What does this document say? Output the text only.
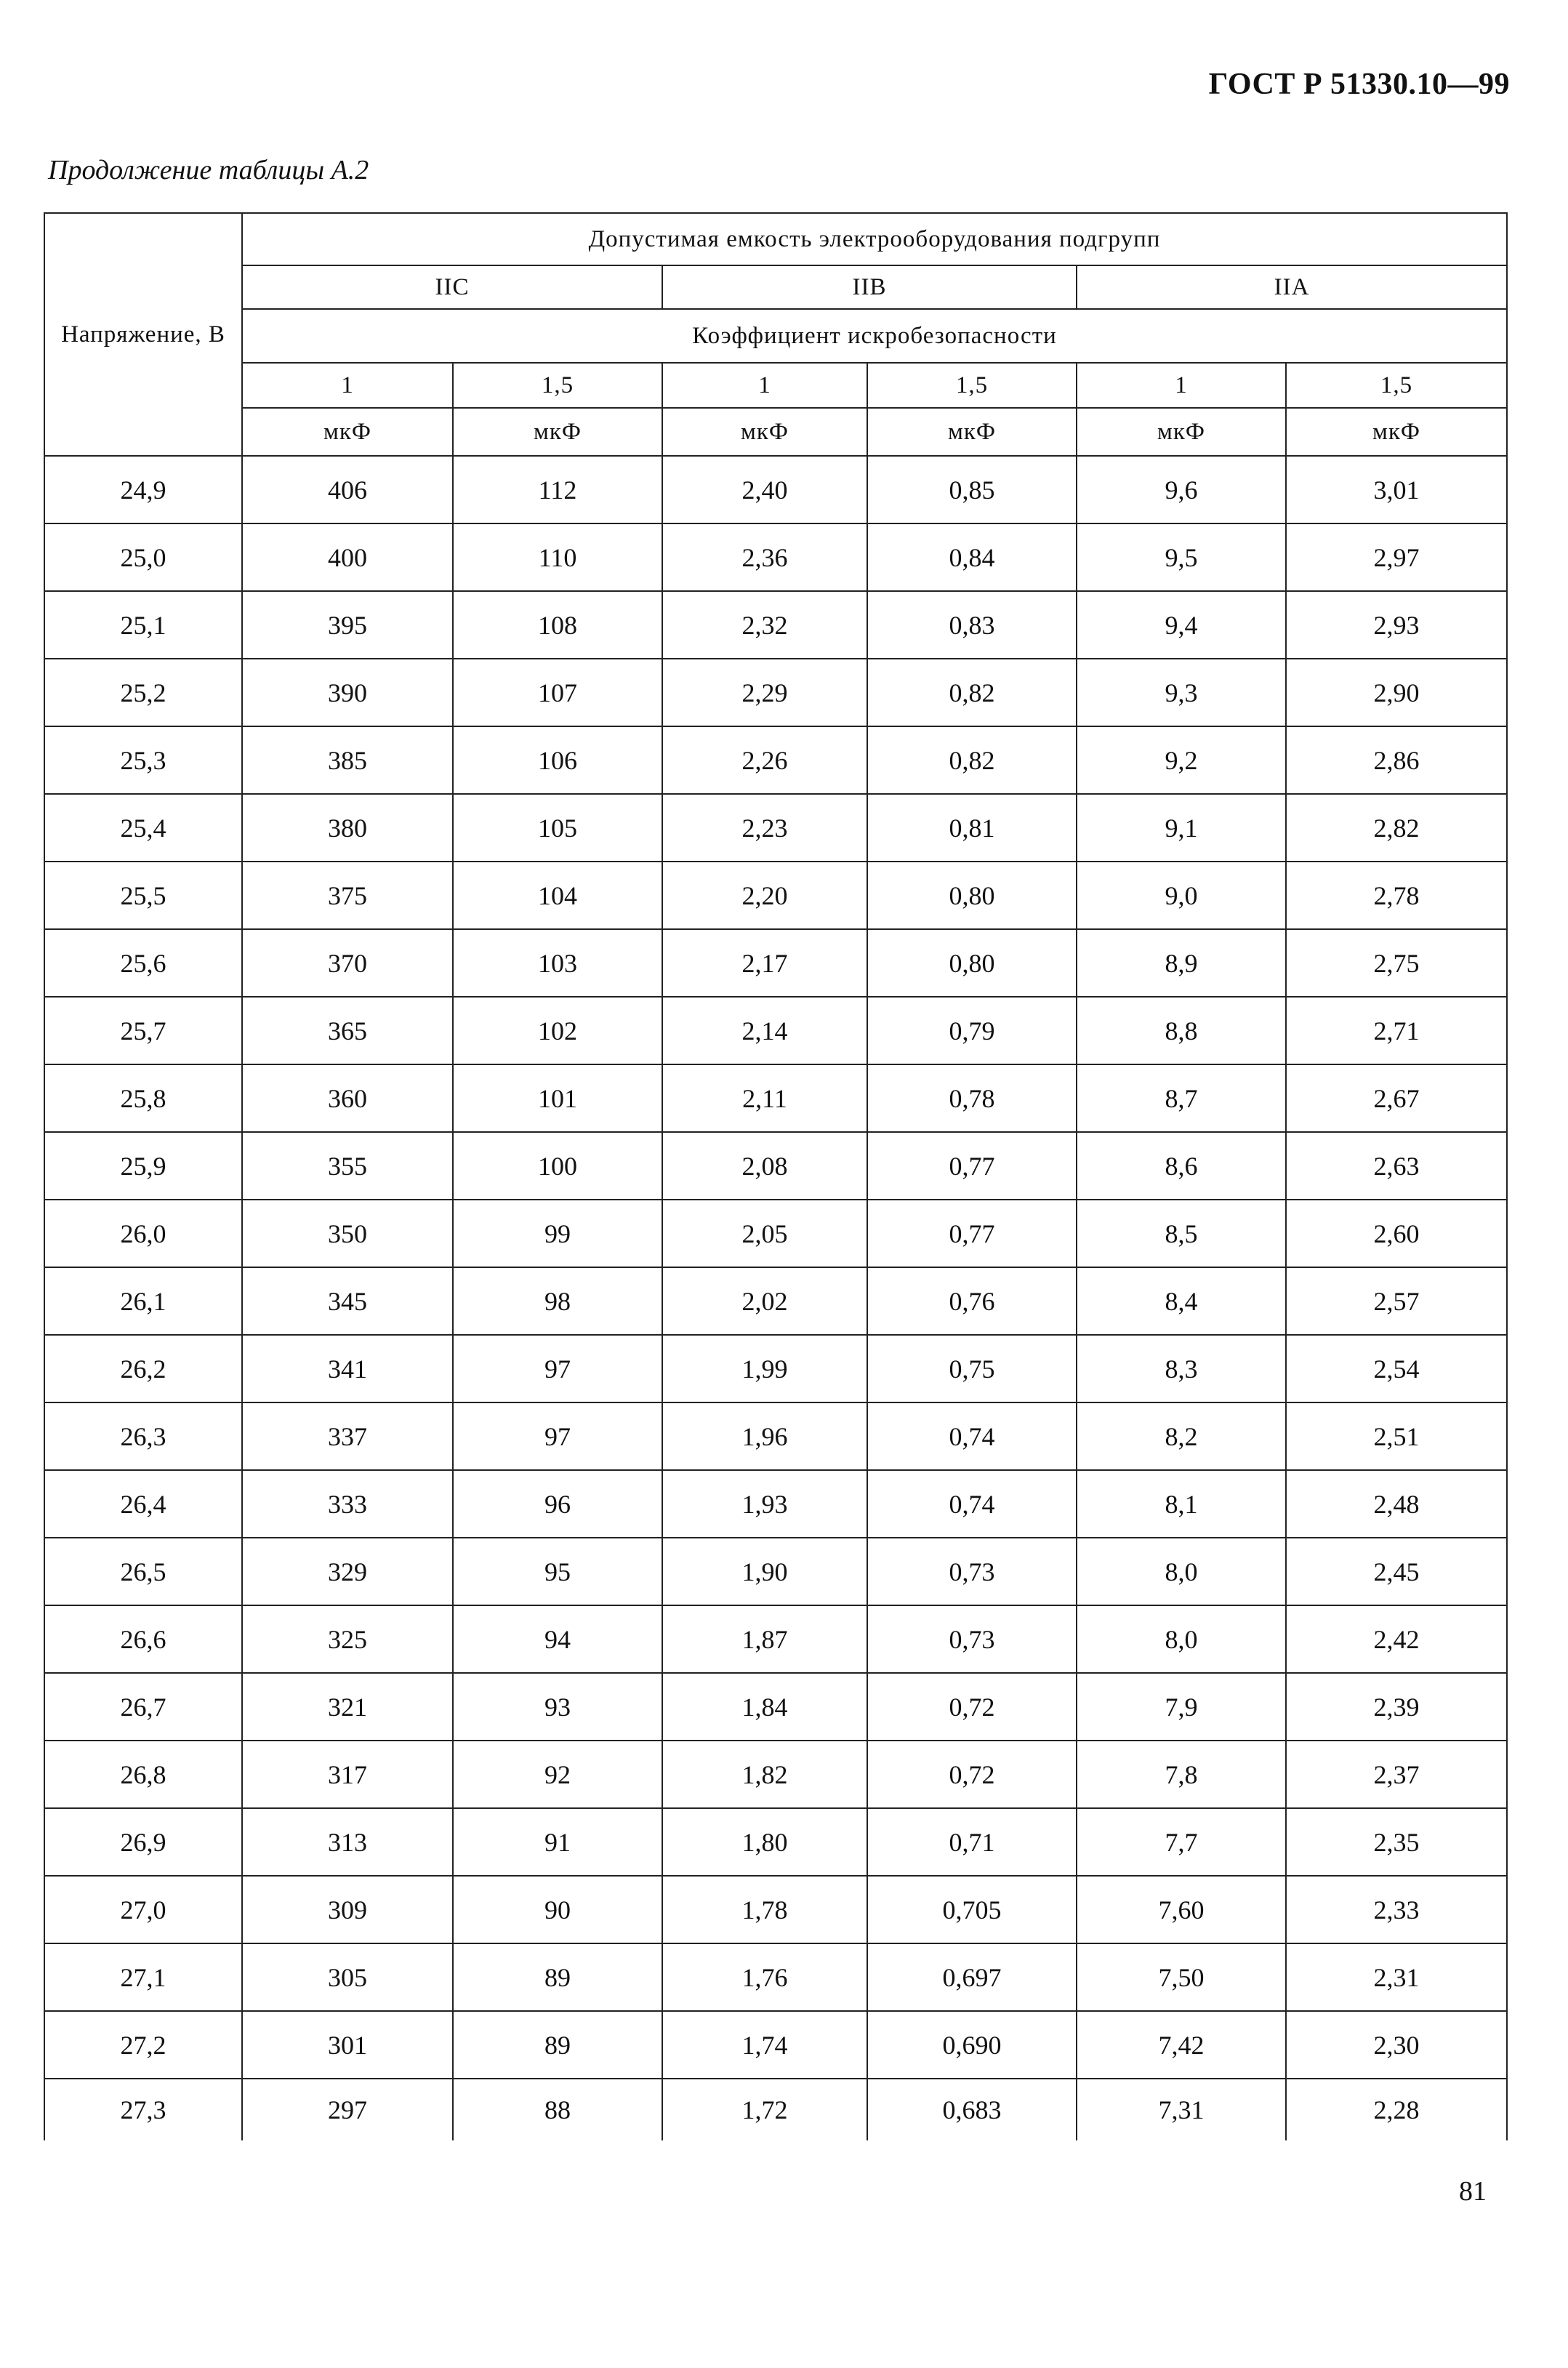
ГОСТ Р 51330.10—99
Продолжение таблицы А.2
Напряжение, В	Допустимая емкость электрооборудования подгрупп					
	IIC		IIB		IIA	
	Коэффициент искробезопасности					
	1	1,5	1	1,5	1	1,5
	мкФ	мкФ	мкФ	мкФ	мкФ	мкФ
24,9	406	112	2,40	0,85	9,6	3,01
25,0	400	110	2,36	0,84	9,5	2,97
25,1	395	108	2,32	0,83	9,4	2,93
25,2	390	107	2,29	0,82	9,3	2,90
25,3	385	106	2,26	0,82	9,2	2,86
25,4	380	105	2,23	0,81	9,1	2,82
25,5	375	104	2,20	0,80	9,0	2,78
25,6	370	103	2,17	0,80	8,9	2,75
25,7	365	102	2,14	0,79	8,8	2,71
25,8	360	101	2,11	0,78	8,7	2,67
25,9	355	100	2,08	0,77	8,6	2,63
26,0	350	99	2,05	0,77	8,5	2,60
26,1	345	98	2,02	0,76	8,4	2,57
26,2	341	97	1,99	0,75	8,3	2,54
26,3	337	97	1,96	0,74	8,2	2,51
26,4	333	96	1,93	0,74	8,1	2,48
26,5	329	95	1,90	0,73	8,0	2,45
26,6	325	94	1,87	0,73	8,0	2,42
26,7	321	93	1,84	0,72	7,9	2,39
26,8	317	92	1,82	0,72	7,8	2,37
26,9	313	91	1,80	0,71	7,7	2,35
27,0	309	90	1,78	0,705	7,60	2,33
27,1	305	89	1,76	0,697	7,50	2,31
27,2	301	89	1,74	0,690	7,42	2,30
27,3	297	88	1,72	0,683	7,31	2,28
81
